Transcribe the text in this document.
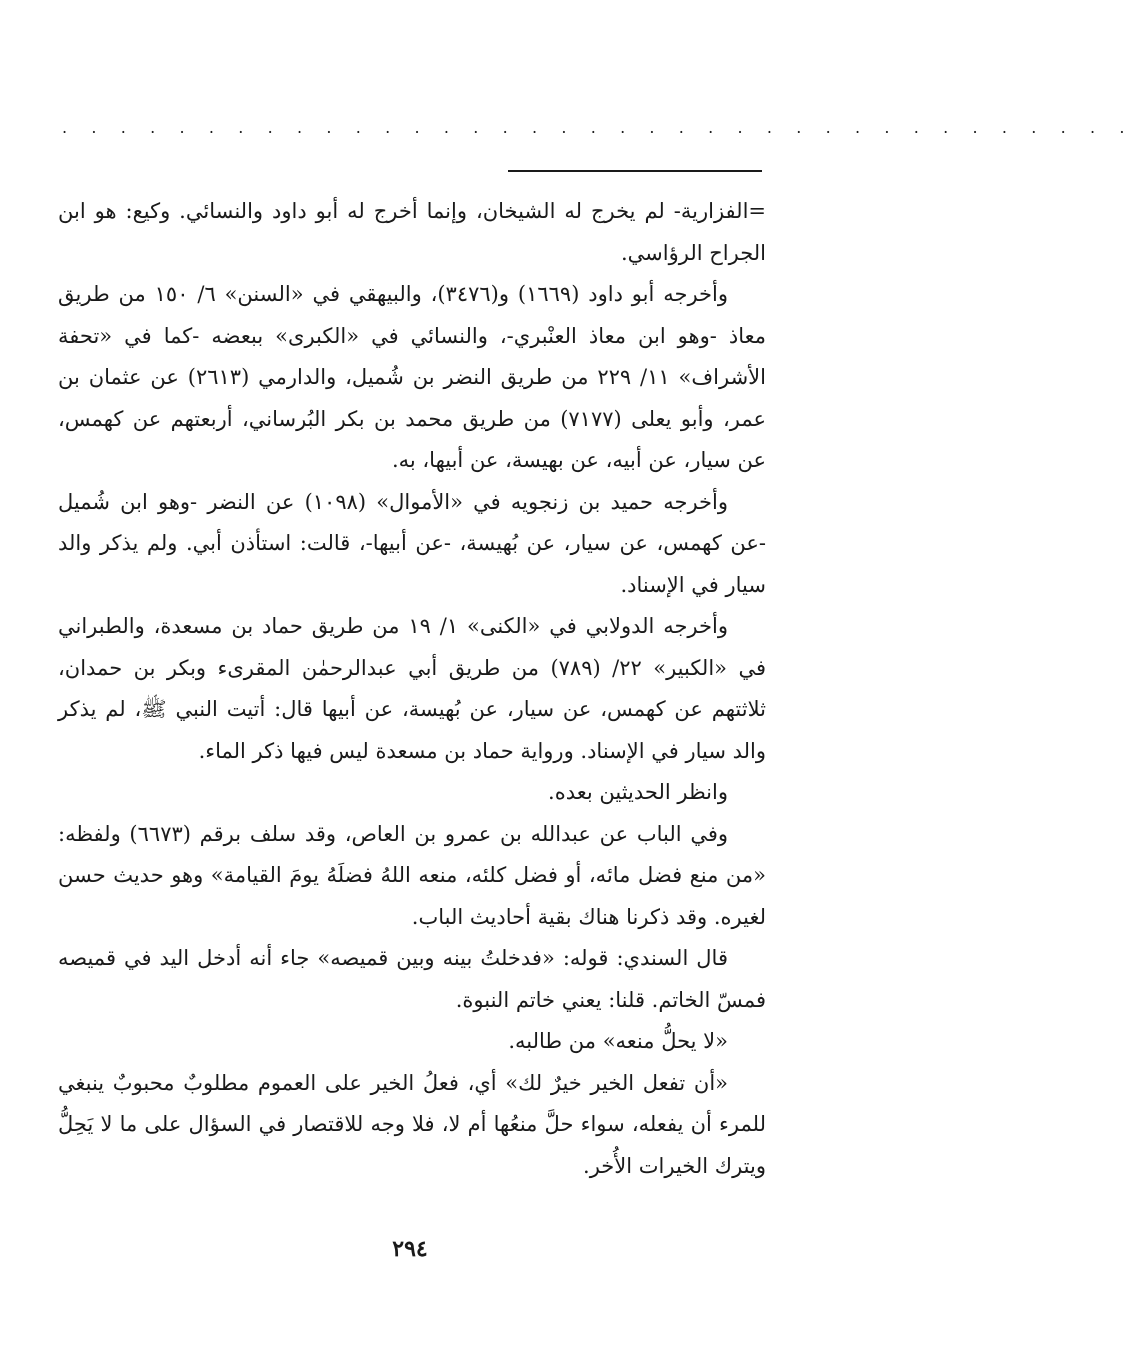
. . . . . . . . . . . . . . . . . . . . . . . . . . . . . . . . . . . . .

=الفزارية- لم يخرج له الشيخان، وإنما أخرج له أبو داود والنسائي. وكيع: هو ابن الجراح الرؤاسي.

وأخرجه أبو داود (١٦٦٩) و(٣٤٧٦)، والبيهقي في «السنن» ٦/ ١٥٠ من طريق معاذ -وهو ابن معاذ العنْبري-، والنسائي في «الكبرى» ببعضه -كما في «تحفة الأشراف» ١١/ ٢٢٩ من طريق النضر بن شُميل، والدارمي (٢٦١٣) عن عثمان بن عمر، وأبو يعلى (٧١٧٧) من طريق محمد بن بكر البُرساني، أربعتهم عن كهمس، عن سيار، عن أبيه، عن بهيسة، عن أبيها، به.

وأخرجه حميد بن زنجويه في «الأموال» (١٠٩٨) عن النضر -وهو ابن شُميل -عن كهمس، عن سيار، عن بُهيسة، -عن أبيها-، قالت: استأذن أبي. ولم يذكر والد سيار في الإسناد.

وأخرجه الدولابي في «الكنى» ١/ ١٩ من طريق حماد بن مسعدة، والطبراني في «الكبير» ٢٢/ (٧٨٩) من طريق أبي عبدالرحمٰن المقرىء وبكر بن حمدان، ثلاثتهم عن كهمس، عن سيار، عن بُهيسة، عن أبيها قال: أتيت النبي ﷺ، لم يذكر والد سيار في الإسناد. ورواية حماد بن مسعدة ليس فيها ذكر الماء.

وانظر الحديثين بعده.

وفي الباب عن عبدالله بن عمرو بن العاص، وقد سلف برقم (٦٦٧٣) ولفظه: «من منع فضل مائه، أو فضل كلئه، منعه اللهُ فضلَهُ يومَ القيامة» وهو حديث حسن لغيره. وقد ذكرنا هناك بقية أحاديث الباب.

قال السندي: قوله: «فدخلتُ بينه وبين قميصه» جاء أنه أدخل اليد في قميصه فمسّ الخاتم. قلنا: يعني خاتم النبوة.

«لا يحلُّ منعه» من طالبه.

«أن تفعل الخير خيرٌ لك» أي، فعلُ الخير على العموم مطلوبٌ محبوبٌ ينبغي للمرء أن يفعله، سواء حلَّ منعُها أم لا، فلا وجه للاقتصار في السؤال على ما لا يَحِلُّ ويترك الخيرات الأُخر.

٢٩٤
